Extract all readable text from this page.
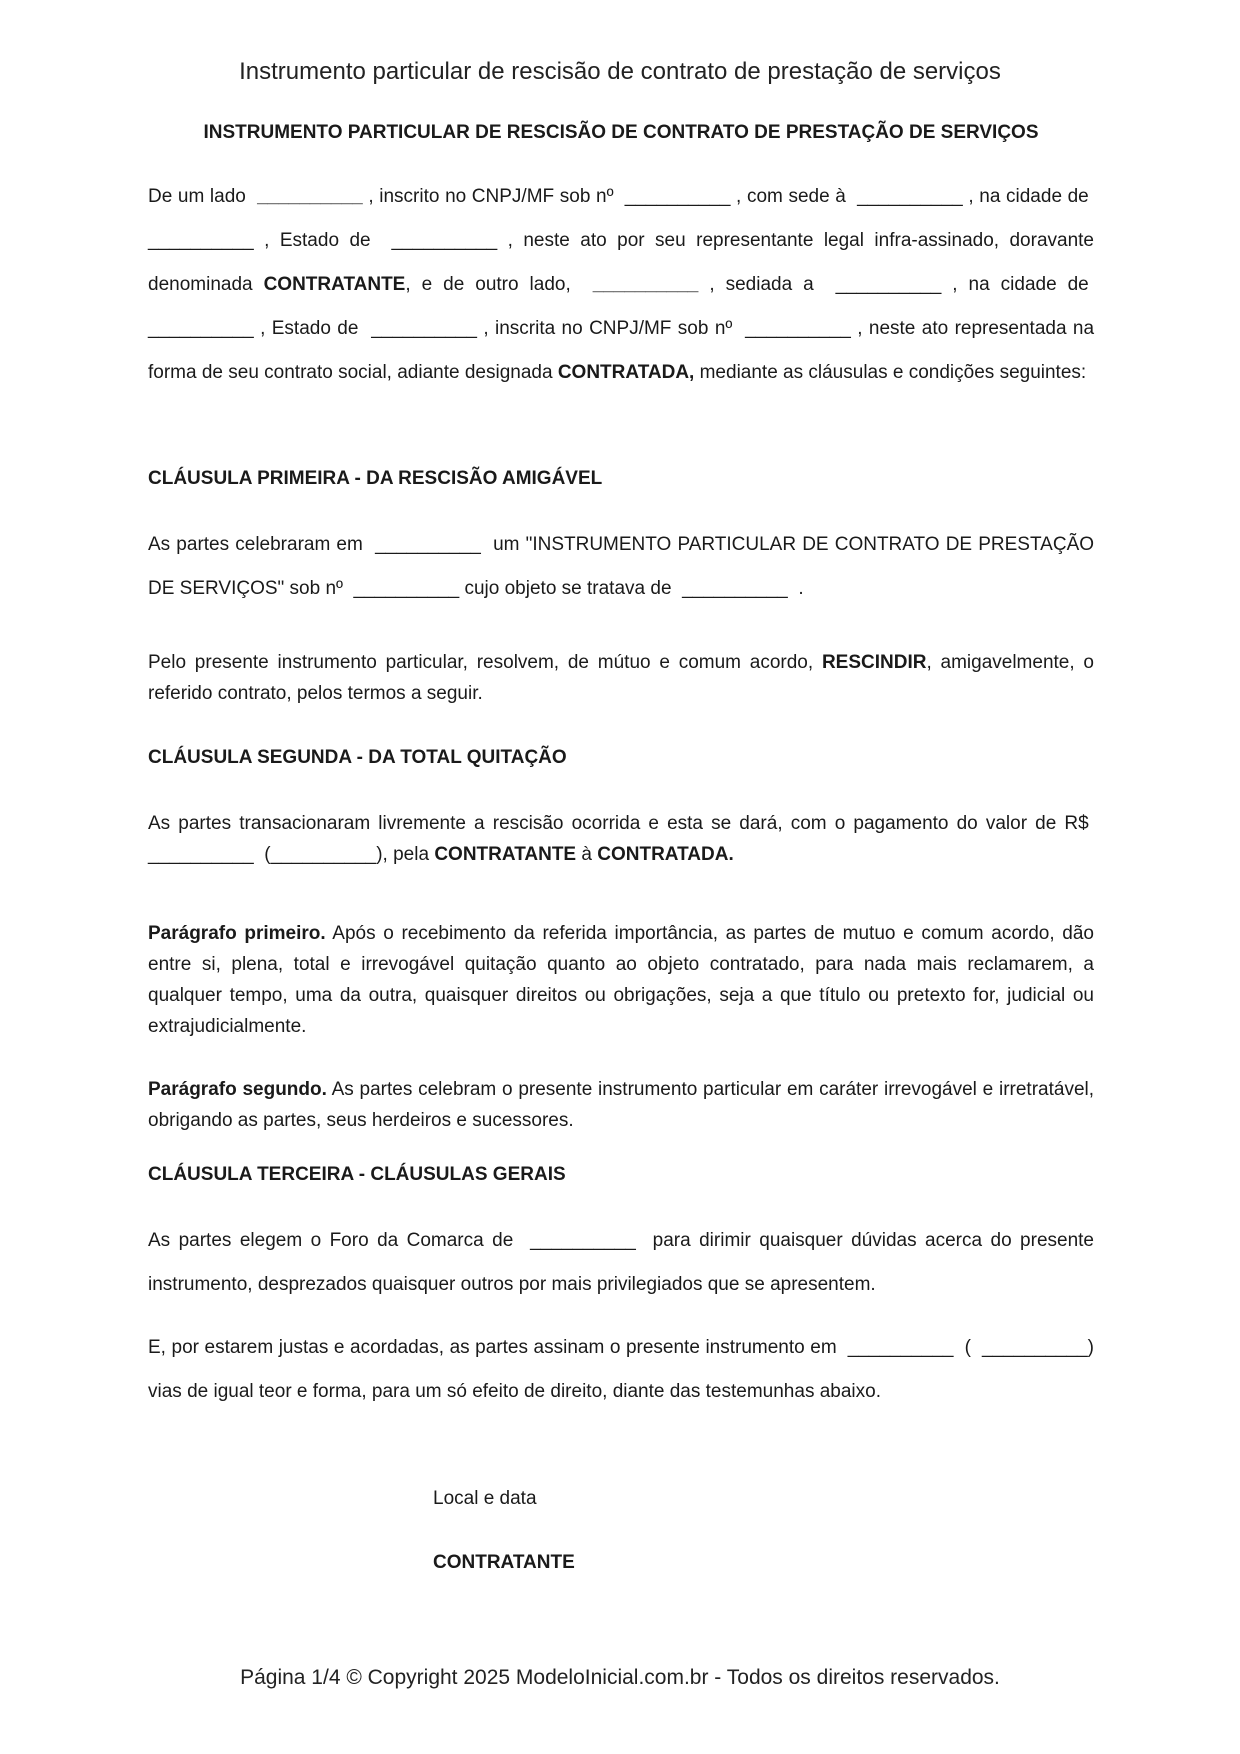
Instrumento particular de rescisão de contrato de prestação de serviços
INSTRUMENTO PARTICULAR DE RESCISÃO DE CONTRATO DE PRESTAÇÃO DE SERVIÇOS

De um lado __________ , inscrito no CNPJ/MF sob nº __________ , com sede à __________ , na cidade de  __________ , Estado de __________ , neste ato por seu representante legal infra-assinado, doravante denominada CONTRATANTE, e de outro lado, __________ , sediada a __________ , na cidade de  __________ , Estado de __________ , inscrita no CNPJ/MF sob nº __________ , neste ato representada na forma de seu contrato social, adiante designada CONTRATADA, mediante as cláusulas e condições seguintes:

CLÁUSULA PRIMEIRA - DA RESCISÃO AMIGÁVEL

As partes celebraram em __________ um "INSTRUMENTO PARTICULAR DE CONTRATO DE PRESTAÇÃO DE SERVIÇOS" sob nº __________ cujo objeto se tratava de __________ .

Pelo presente instrumento particular, resolvem, de mútuo e comum acordo, RESCINDIR, amigavelmente, o referido contrato, pelos termos a seguir.

CLÁUSULA SEGUNDA - DA TOTAL QUITAÇÃO

As partes transacionaram livremente a rescisão ocorrida e esta se dará, com o pagamento do valor de R$  __________ (__________), pela CONTRATANTE à CONTRATADA.

Parágrafo primeiro. Após o recebimento da referida importância, as partes de mutuo e comum acordo, dão entre si, plena, total e irrevogável quitação quanto ao objeto contratado, para nada mais reclamarem, a qualquer tempo, uma da outra, quaisquer direitos ou obrigações, seja a que título ou pretexto for, judicial ou extrajudicialmente.

Parágrafo segundo. As partes celebram o presente instrumento particular em caráter irrevogável e irretratável, obrigando as partes, seus herdeiros e sucessores.

CLÁUSULA TERCEIRA - CLÁUSULAS GERAIS

As partes elegem o Foro da Comarca de __________ para dirimir quaisquer dúvidas acerca do presente instrumento, desprezados quaisquer outros por mais privilegiados que se apresentem.

E, por estarem justas e acordadas, as partes assinam o presente instrumento em __________ ( __________) vias de igual teor e forma, para um só efeito de direito, diante das testemunhas abaixo.

Local e data

CONTRATANTE

Página 1/4 © Copyright 2025 ModeloInicial.com.br - Todos os direitos reservados.
